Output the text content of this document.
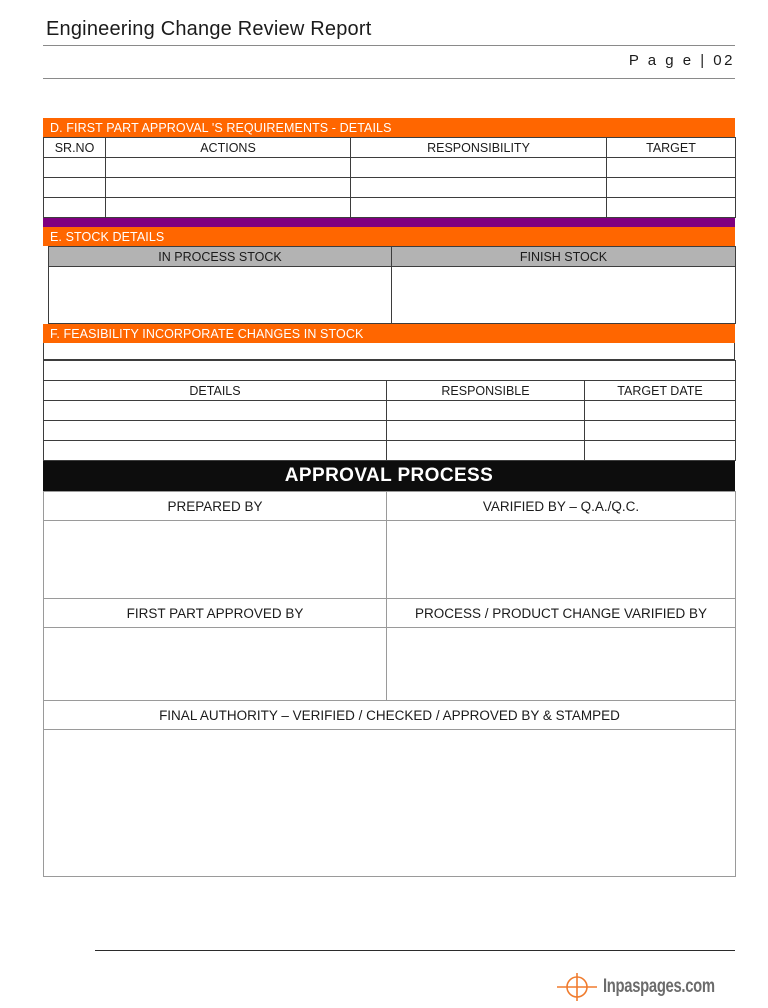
Engineering Change Review Report
P a g e | 02
D. FIRST PART APPROVAL 'S REQUIREMENTS - DETAILS
SR.NO	ACTIONS	RESPONSIBILITY	TARGET

E. STOCK DETAILS
IN PROCESS STOCK	FINISH STOCK

F. FEASIBILITY INCORPORATE CHANGES IN STOCK
IMPLEMENTATION PROPOSED [ PROCESS / PRODUCT ]		
DETAILS	RESPONSIBLE	TARGET DATE

APPROVAL PROCESS
PREPARED BY	VARIFIED BY – Q.A./Q.C.

FIRST PART APPROVED BY	PROCESS / PRODUCT CHANGE VARIFIED BY

FINAL AUTHORITY – VERIFIED / CHECKED / APPROVED BY & STAMPED	

Inpaspages.com
